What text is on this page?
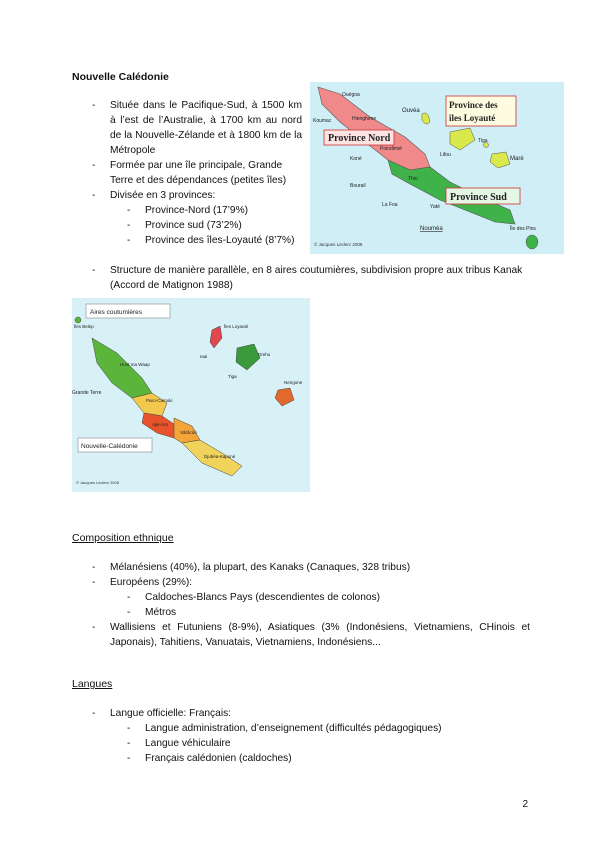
Nouvelle Calédonie
- Située dans le Pacifique-Sud, à 1500 km à l’est de l’Australie, à 1700 km au nord de la Nouvelle-Zélande et à 1800 km de la Métropole
- Formée par une île principale, Grande Terre et des dépendances (petites îles)
- Divisée en 3 provinces:
- Province-Nord (17’9%)
- Province sud (73’2%)
- Province des îles-Loyauté (8’7%)
- Structure de manière parallèle, en 8 aires coutumières, subdivision propre aux tribus Kanak (Accord de Matignon 1988)
Province Nord
Province des îles Loyauté
Province Sud
Ouégoa
Koumac	Hienghène
Poindimié
Koné
Bourail
La Foa
Thio
Yaté
Ouvéa
Lifou
Maré
Tiga
Nouméa	Île des Pins
© Jacques Leclerc 2008
Aires coutumières
Îles Belep
Grande Terre
Hoot ma Waap
Paici-Camuki
Ajië-Aro
Xârâcùù
Djubéa-Kaponé
Îles Loyauté
Iaai	Drehu
Tiga
Nengone
Nouvelle-Calédonie
© Jacques Leclerc 2008
Composition ethnique
- Mélanésiens (40%), la plupart, des Kanaks (Canaques, 328 tribus)
- Européens (29%):
- Caldoches-Blancs Pays (descendientes de colonos)
- Métros
- Wallisiens et Futuniens (8-9%), Asiatiques (3% (Indonésiens, Vietnamiens, CHinois et Japonais), Tahitiens, Vanuatais, Vietnamiens, Indonésiens...
Langues
- Langue officielle: Français:
- Langue administration, d’enseignement (difficultés pédagogiques)
- Langue véhiculaire
- Français calédonien (caldoches)
2
